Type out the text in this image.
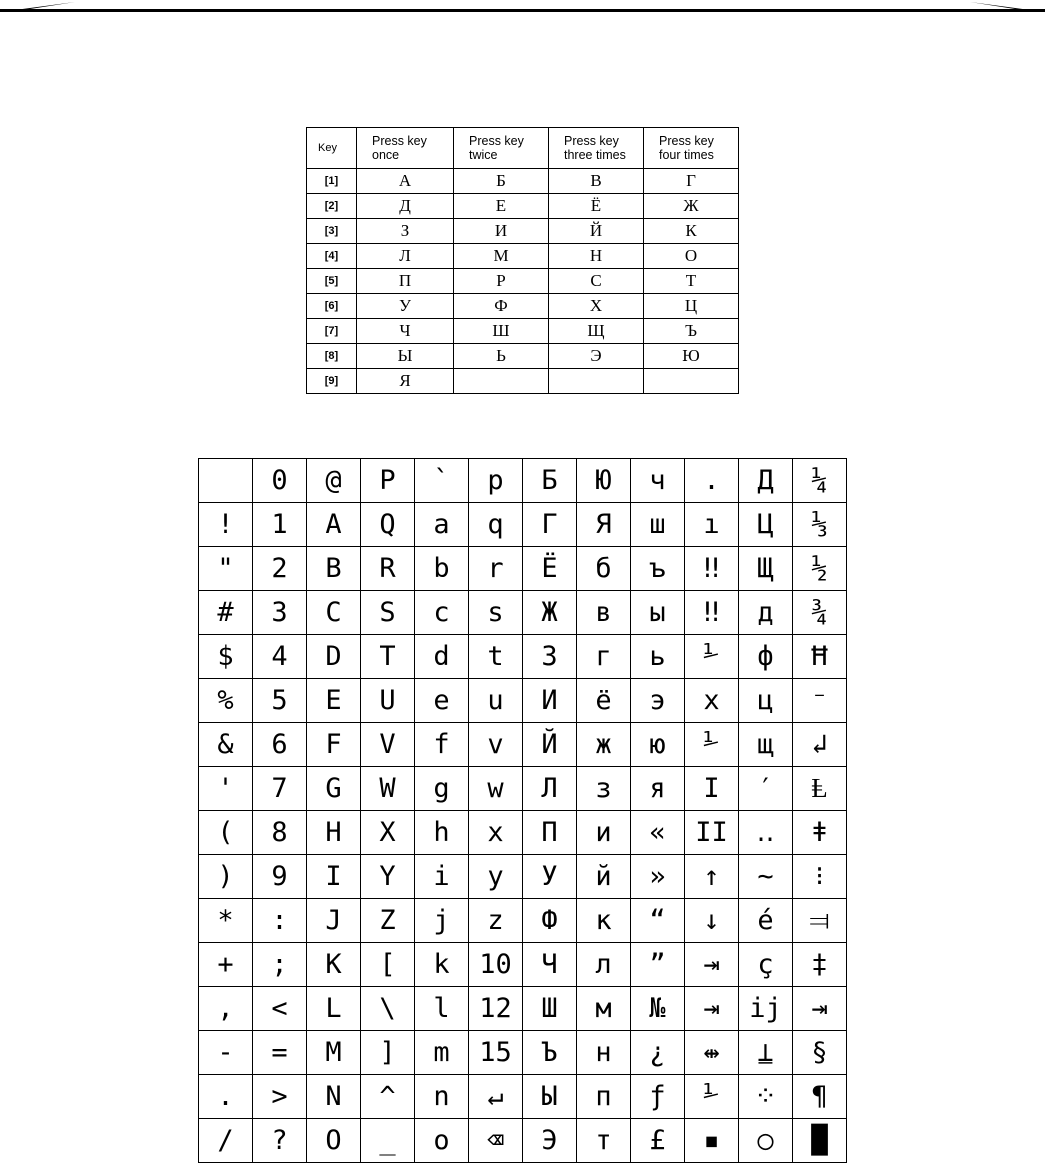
Key	Press key once	Press key twice	Press key three times	Press key four times
[1]	А	Б	В	Г
[2]	Д	Е	Ё	Ж
[3]	З	И	Й	К
[4]	Л	М	Н	О
[5]	П	Р	С	Т
[6]	У	Ф	Х	Ц
[7]	Ч	Ш	Щ	Ъ
[8]	Ы	Ь	Э	Ю
[9]	Я			
	0	@	P	`	p	Б	Ю	ч	.	Д	¼
!	1	A	Q	a	q	Г	Я	ш	ı	Ц	⅓
"	2	B	R	b	r	Ё	б	ъ	‼	Щ	½
#	3	C	S	c	s	Ж	в	ы	‼	д	¾
$	4	D	T	d	t	З	г	ь	⅟	ф	Ħ
%	5	E	U	e	u	И	ё	э	х	ц	⁻
&	6	F	V	f	v	Й	ж	ю	⅟	щ	↲
'	7	G	W	g	w	Л	з	я	I	′	Ⱡ
(	8	H	X	h	x	П	и	«	II	‥	ǂ
)	9	I	Y	i	y	У	й	»	↑	~	⁝
*	:	J	Z	j	z	Ф	к	“	↓	é	⫤
+	;	K	[	k	10	Ч	л	”	⇥	ç	‡
,	<	L	\	l	12	Ш	м	№	⇥	ij	⇥
-	=	M	]	m	15	Ъ	н	¿	⇹	⍊	§
.	>	N	^	n	↵	Ы	п	ƒ	⅟	⁘	¶
/	?	O	_	o	⌫	Э	т	£	▪	○	█
